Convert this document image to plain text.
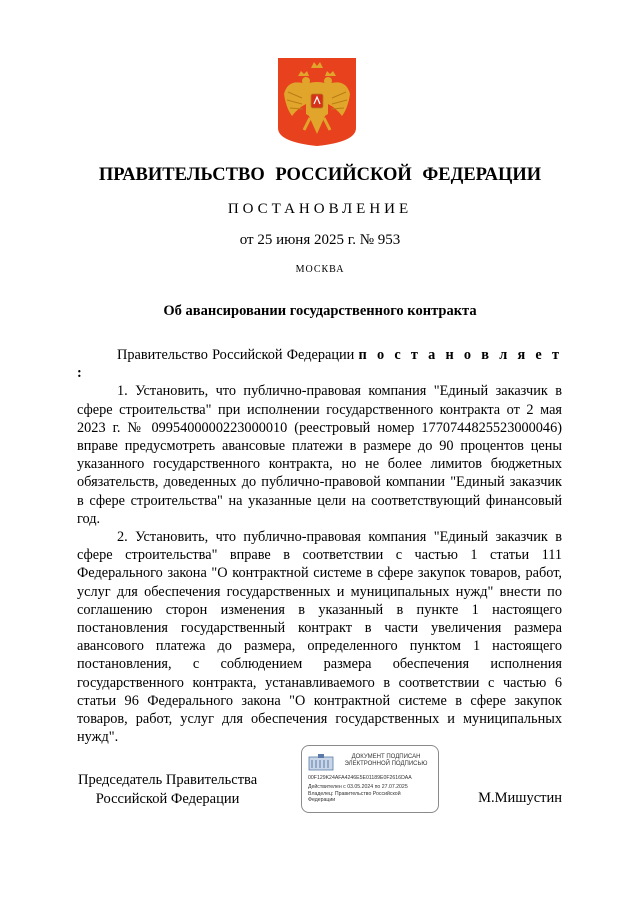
ПРАВИТЕЛЬСТВО РОССИЙСКОЙ ФЕДЕРАЦИИ
ПОСТАНОВЛЕНИЕ
от 25 июня 2025 г. № 953
МОСКВА
Об авансировании государственного контракта

Правительство Российской Федерации п о с т а н о в л я е т :

1. Установить, что публично-правовая компания "Единый заказчик в сфере строительства" при исполнении государственного контракта от 2 мая 2023 г. № 0995400000223000010 (реестровый номер 1770744825523000046) вправе предусмотреть авансовые платежи в размере до 90 процентов цены указанного государственного контракта, но не более лимитов бюджетных обязательств, доведенных до публично-правовой компании "Единый заказчик в сфере строительства" на указанные цели на соответствующий финансовый год.

2. Установить, что публично-правовая компания "Единый заказчик в сфере строительства" вправе в соответствии с частью 1 статьи 111 Федерального закона "О контрактной системе в сфере закупок товаров, работ, услуг для обеспечения государственных и муниципальных нужд" внести по соглашению сторон изменения в указанный в пункте 1 настоящего постановления государственный контракт в части увеличения размера авансового платежа до размера, определенного пунктом 1 настоящего постановления, с соблюдением размера обеспечения исполнения государственного контракта, устанавливаемого в соответствии с частью 6 статьи 96 Федерального закона "О контрактной системе в сфере закупок товаров, работ, услуг для обеспечения государственных и муниципальных нужд".

Председатель Правительства
Российской Федерации
ДОКУМЕНТ ПОДПИСАН
ЭЛЕКТРОННОЙ ПОДПИСЬЮ
00F129K24AFA4246E5E01189E0F2616DAA
Действителен с 03.05.2024 по 27.07.2025
Владелец: Правительство Российской
Федерации	М.Мишустин
